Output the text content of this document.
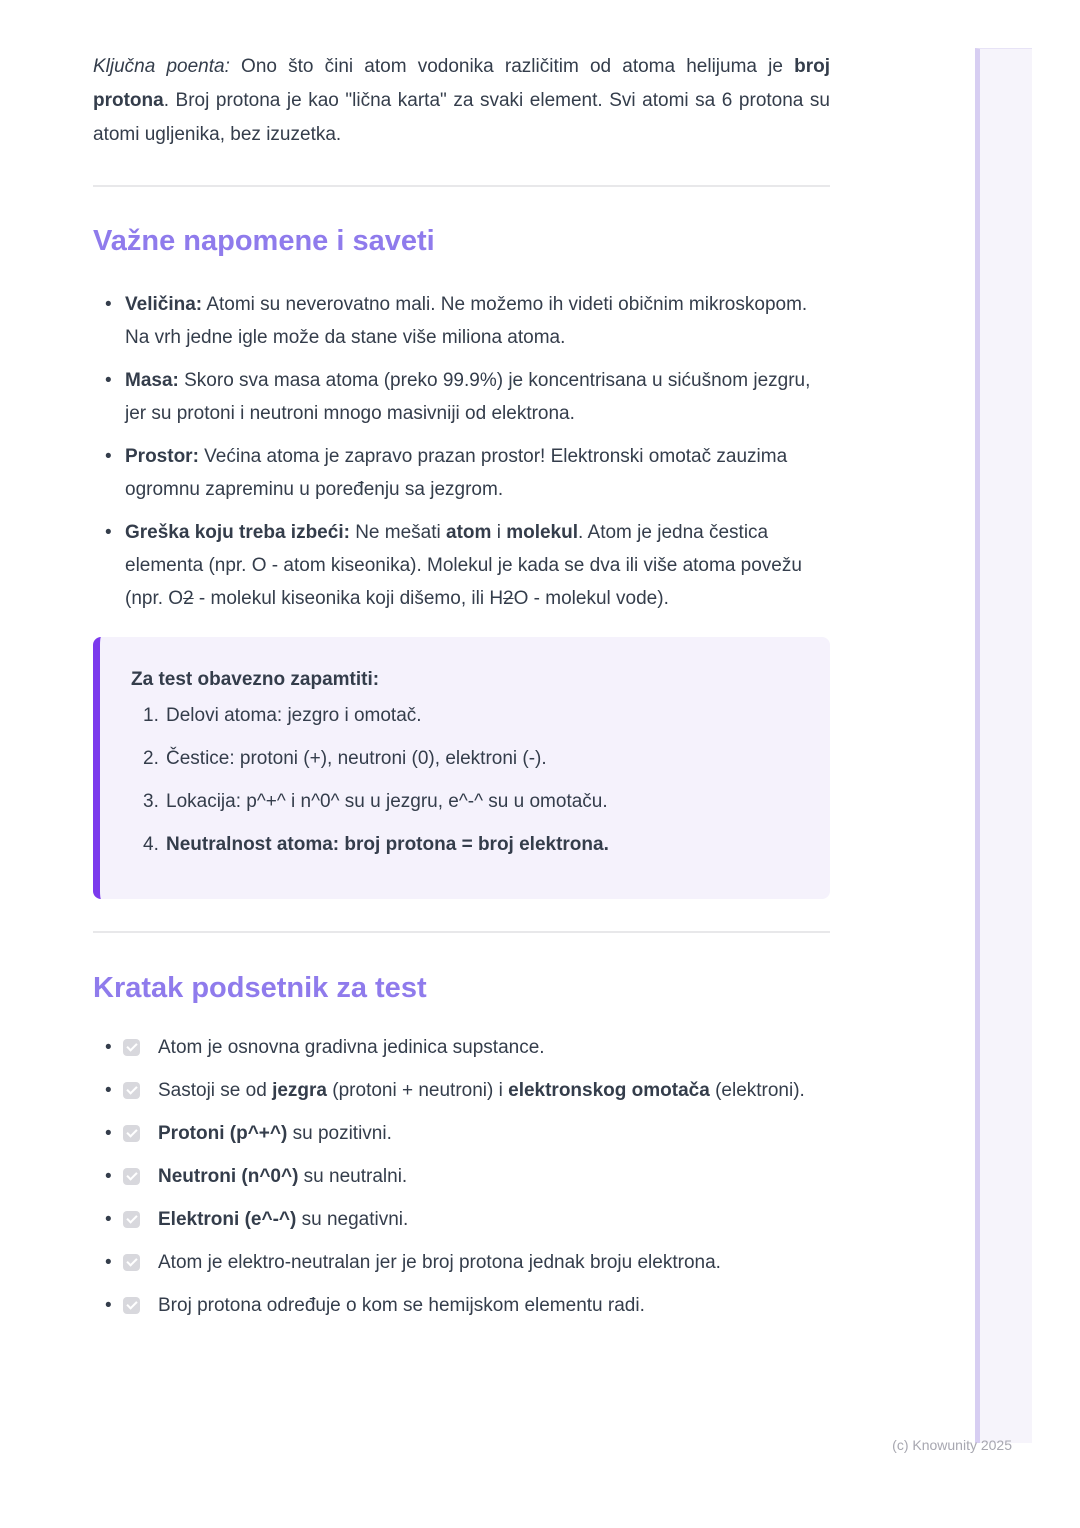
Ključna poenta: Ono što čini atom vodonika različitim od atoma helijuma je broj protona. Broj protona je kao "lična karta" za svaki element. Svi atomi sa 6 protona su atomi ugljenika, bez izuzetka.

Važne napomene i saveti
•
Veličina: Atomi su neverovatno mali. Ne možemo ih videti običnim mikroskopom. Na vrh jedne igle može da stane više miliona atoma.
•
Masa: Skoro sva masa atoma (preko 99.9%) je koncentrisana u sićušnom jezgru, jer su protoni i neutroni mnogo masivniji od elektrona.
•
Prostor: Većina atoma je zapravo prazan prostor! Elektronski omotač zauzima ogromnu zapreminu u poređenju sa jezgrom.
•
Greška koju treba izbeći: Ne mešati atom i molekul. Atom je jedna čestica elementa (npr. O - atom kiseonika). Molekul je kada se dva ili više atoma povežu (npr. O2 - molekul kiseonika koji dišemo, ili H2O - molekul vode).

Za test obavezno zapamtiti:

1. Delovi atoma: jezgro i omotač.
2. Čestice: protoni (+), neutroni (0), elektroni (-).
3. Lokacija: p^+^ i n^0^ su u jezgru, e^-^ su u omotaču.
4. Neutralnost atoma: broj protona = broj elektrona.
Kratak podsetnik za test
•
Atom je osnovna gradivna jedinica supstance.
•
Sastoji se od jezgra (protoni + neutroni) i elektronskog omotača (elektroni).
•
Protoni (p^+^) su pozitivni.
•
Neutroni (n^0^) su neutralni.
•
Elektroni (e^-^) su negativni.
•
Atom je elektro-neutralan jer je broj protona jednak broju elektrona.
•
Broj protona određuje o kom se hemijskom elementu radi.
(c) Knowunity 2025
